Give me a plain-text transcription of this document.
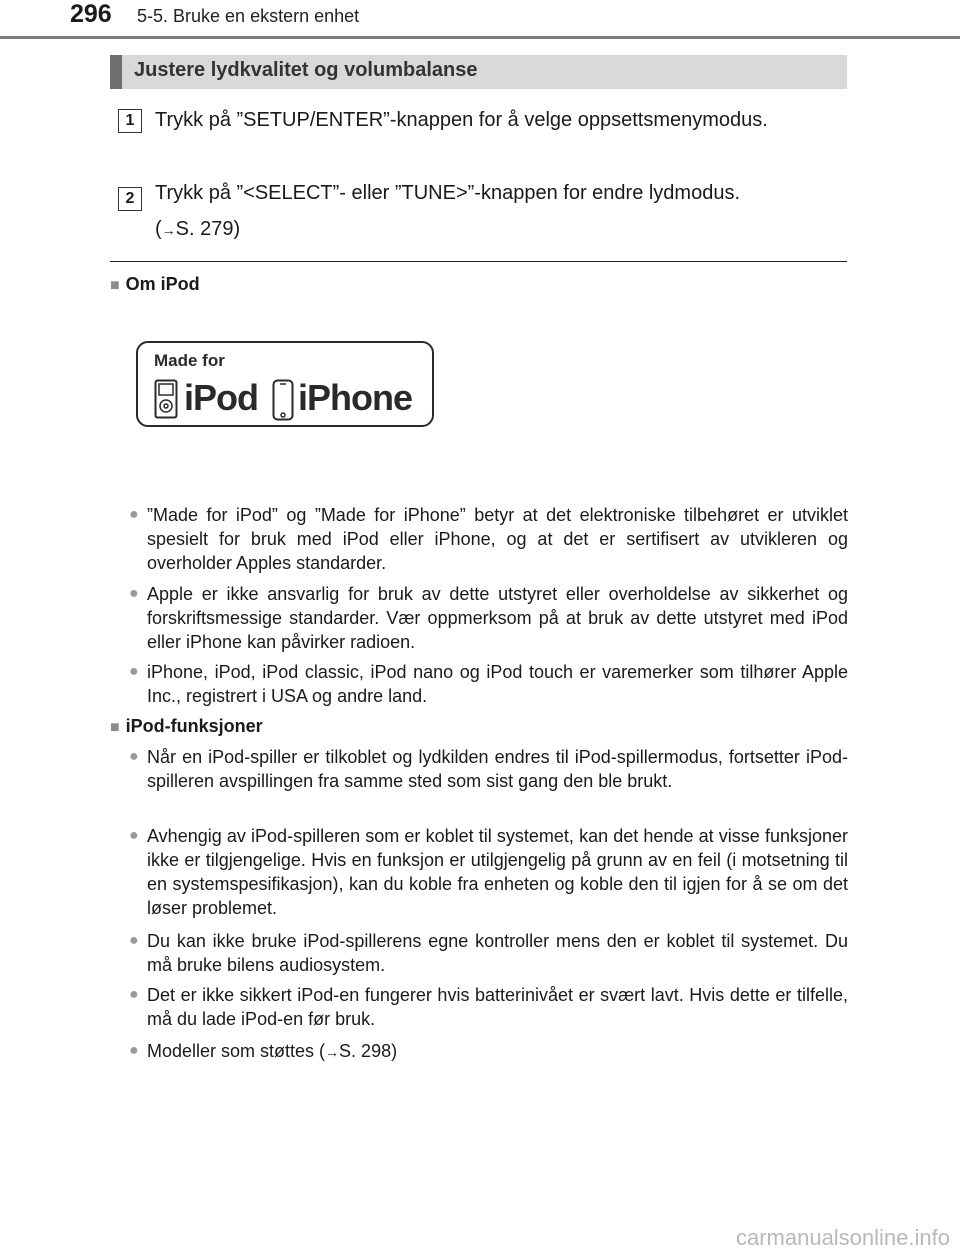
296 5-5. Bruke en ekstern enhet
Justere lydkvalitet og volumbalanse
1	Trykk på ”SETUP/ENTER”-knappen for å velge oppsettsmenymodus.
2	Trykk på ”<SELECT”- eller ”TUNE>”-knappen for endre lydmodus.
(→S. 279)
■ Om iPod
Made for
iPod iPhone
● ”Made for iPod” og ”Made for iPhone” betyr at det elektroniske tilbehøret er utviklet spesielt for bruk med iPod eller iPhone, og at det er sertifisert av utvikleren og overholder Apples standarder.
● Apple er ikke ansvarlig for bruk av dette utstyret eller overholdelse av sikkerhet og forskriftsmessige standarder. Vær oppmerksom på at bruk av dette utstyret med iPod eller iPhone kan påvirker radioen.
● iPhone, iPod, iPod classic, iPod nano og iPod touch er varemerker som tilhører Apple Inc., registrert i USA og andre land.
■ iPod-funksjoner
● Når en iPod-spiller er tilkoblet og lydkilden endres til iPod-spillermodus, fortsetter iPod-spilleren avspillingen fra samme sted som sist gang den ble brukt.
● Avhengig av iPod-spilleren som er koblet til systemet, kan det hende at visse funksjoner ikke er tilgjengelige. Hvis en funksjon er utilgjengelig på grunn av en feil (i motsetning til en systemspesifikasjon), kan du koble fra enheten og koble den til igjen for å se om det løser problemet.
● Du kan ikke bruke iPod-spillerens egne kontroller mens den er koblet til systemet. Du må bruke bilens audiosystem.
● Det er ikke sikkert iPod-en fungerer hvis batterinivået er svært lavt. Hvis dette er tilfelle, må du lade iPod-en før bruk.
● Modeller som støttes (→S. 298)
carmanualsonline.info
